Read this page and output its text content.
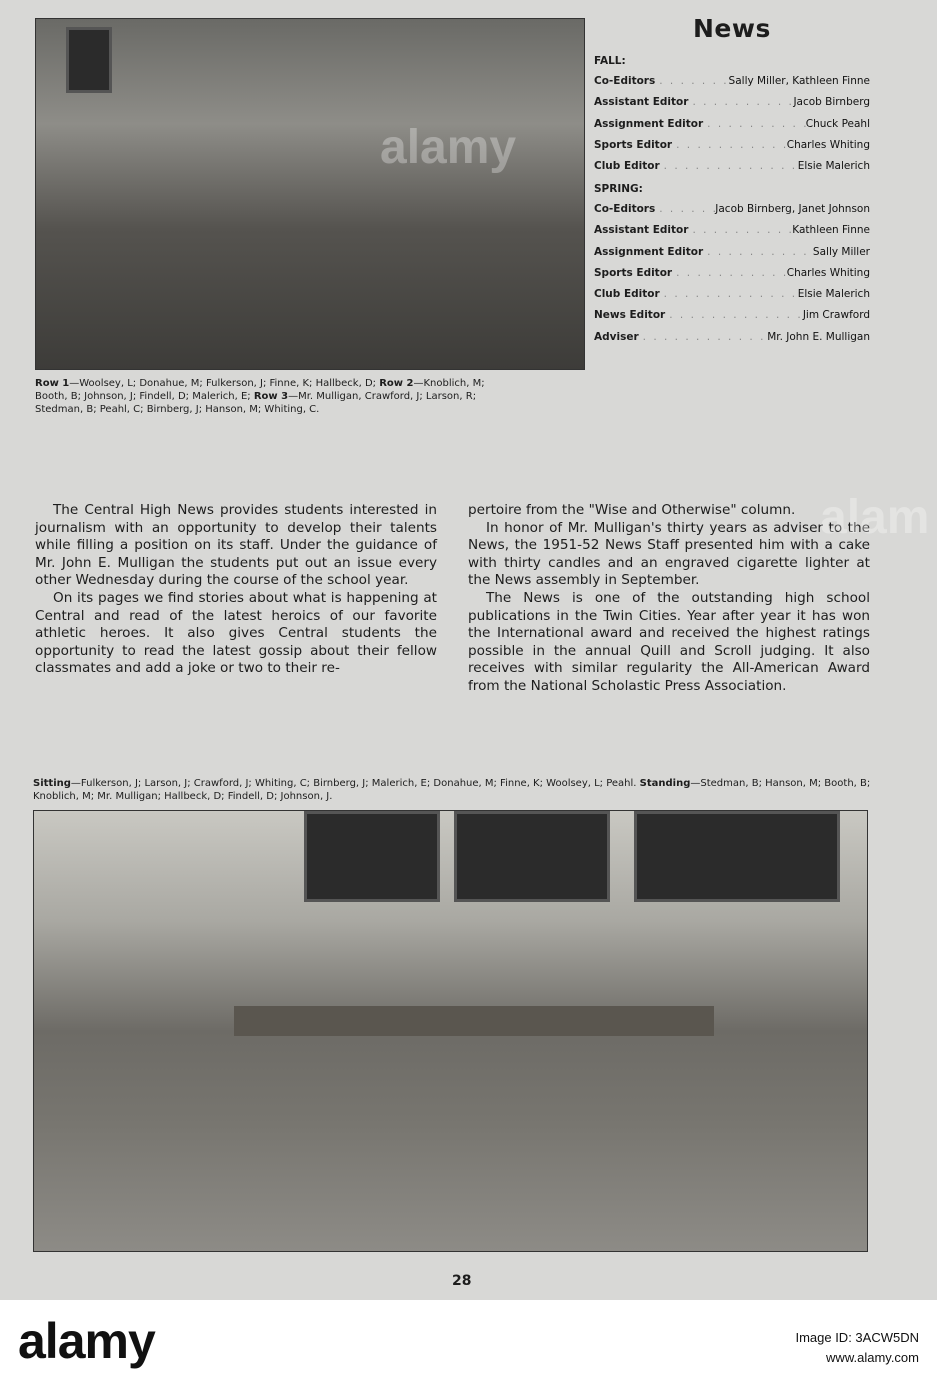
News
FALL:
Co-Editors . . .	Sally Miller, Kathleen Finne
Assistant Editor . . .	Jacob Birnberg
Assignment Editor . . .	Chuck Peahl
Sports Editor . . .	Charles Whiting
Club Editor . . .	Elsie Malerich
SPRING:
Co-Editors . . .	Jacob Birnberg, Janet Johnson
Assistant Editor . . .	Kathleen Finne
Assignment Editor . . .	Sally Miller
Sports Editor . . .	Charles Whiting
Club Editor . . .	Elsie Malerich
News Editor . . .	Jim Crawford
Adviser . . .	Mr. John E. Mulligan
Row 1—Woolsey, L; Donahue, M; Fulkerson, J; Finne, K; Hallbeck, D; Row 2—Knoblich, M; Booth, B; Johnson, J; Findell, D; Malerich, E; Row 3—Mr. Mulligan, Crawford, J; Larson, R; Stedman, B; Peahl, C; Birnberg, J; Hanson, M; Whiting, C.

The Central High News provides students interested in journalism with an opportunity to develop their talents while filling a position on its staff. Under the guidance of Mr. John E. Mulligan the students put out an issue every other Wednesday during the course of the school year.

On its pages we find stories about what is happening at Central and read of the latest heroics of our favorite athletic heroes. It also gives Central students the opportunity to read the latest gossip about their fellow classmates and add a joke or two to their re-

pertoire from the "Wise and Otherwise" column.

In honor of Mr. Mulligan's thirty years as adviser to the News, the 1951-52 News Staff presented him with a cake with thirty candles and an engraved cigarette lighter at the News assembly in September.

The News is one of the outstanding high school publications in the Twin Cities. Year after year it has won the International award and received the highest ratings possible in the annual Quill and Scroll judging. It also receives with similar regularity the All-American Award from the National Scholastic Press Association.

Sitting—Fulkerson, J; Larson, J; Crawford, J; Whiting, C; Birnberg, J; Malerich, E; Donahue, M; Finne, K; Woolsey, L; Peahl. Standing—Stedman, B; Hanson, M; Booth, B; Knoblich, M; Mr. Mulligan; Hallbeck, D; Findell, D; Johnson, J.
28
alamy
alam
alamy	Image ID: 3ACW5DN
www.alamy.com
